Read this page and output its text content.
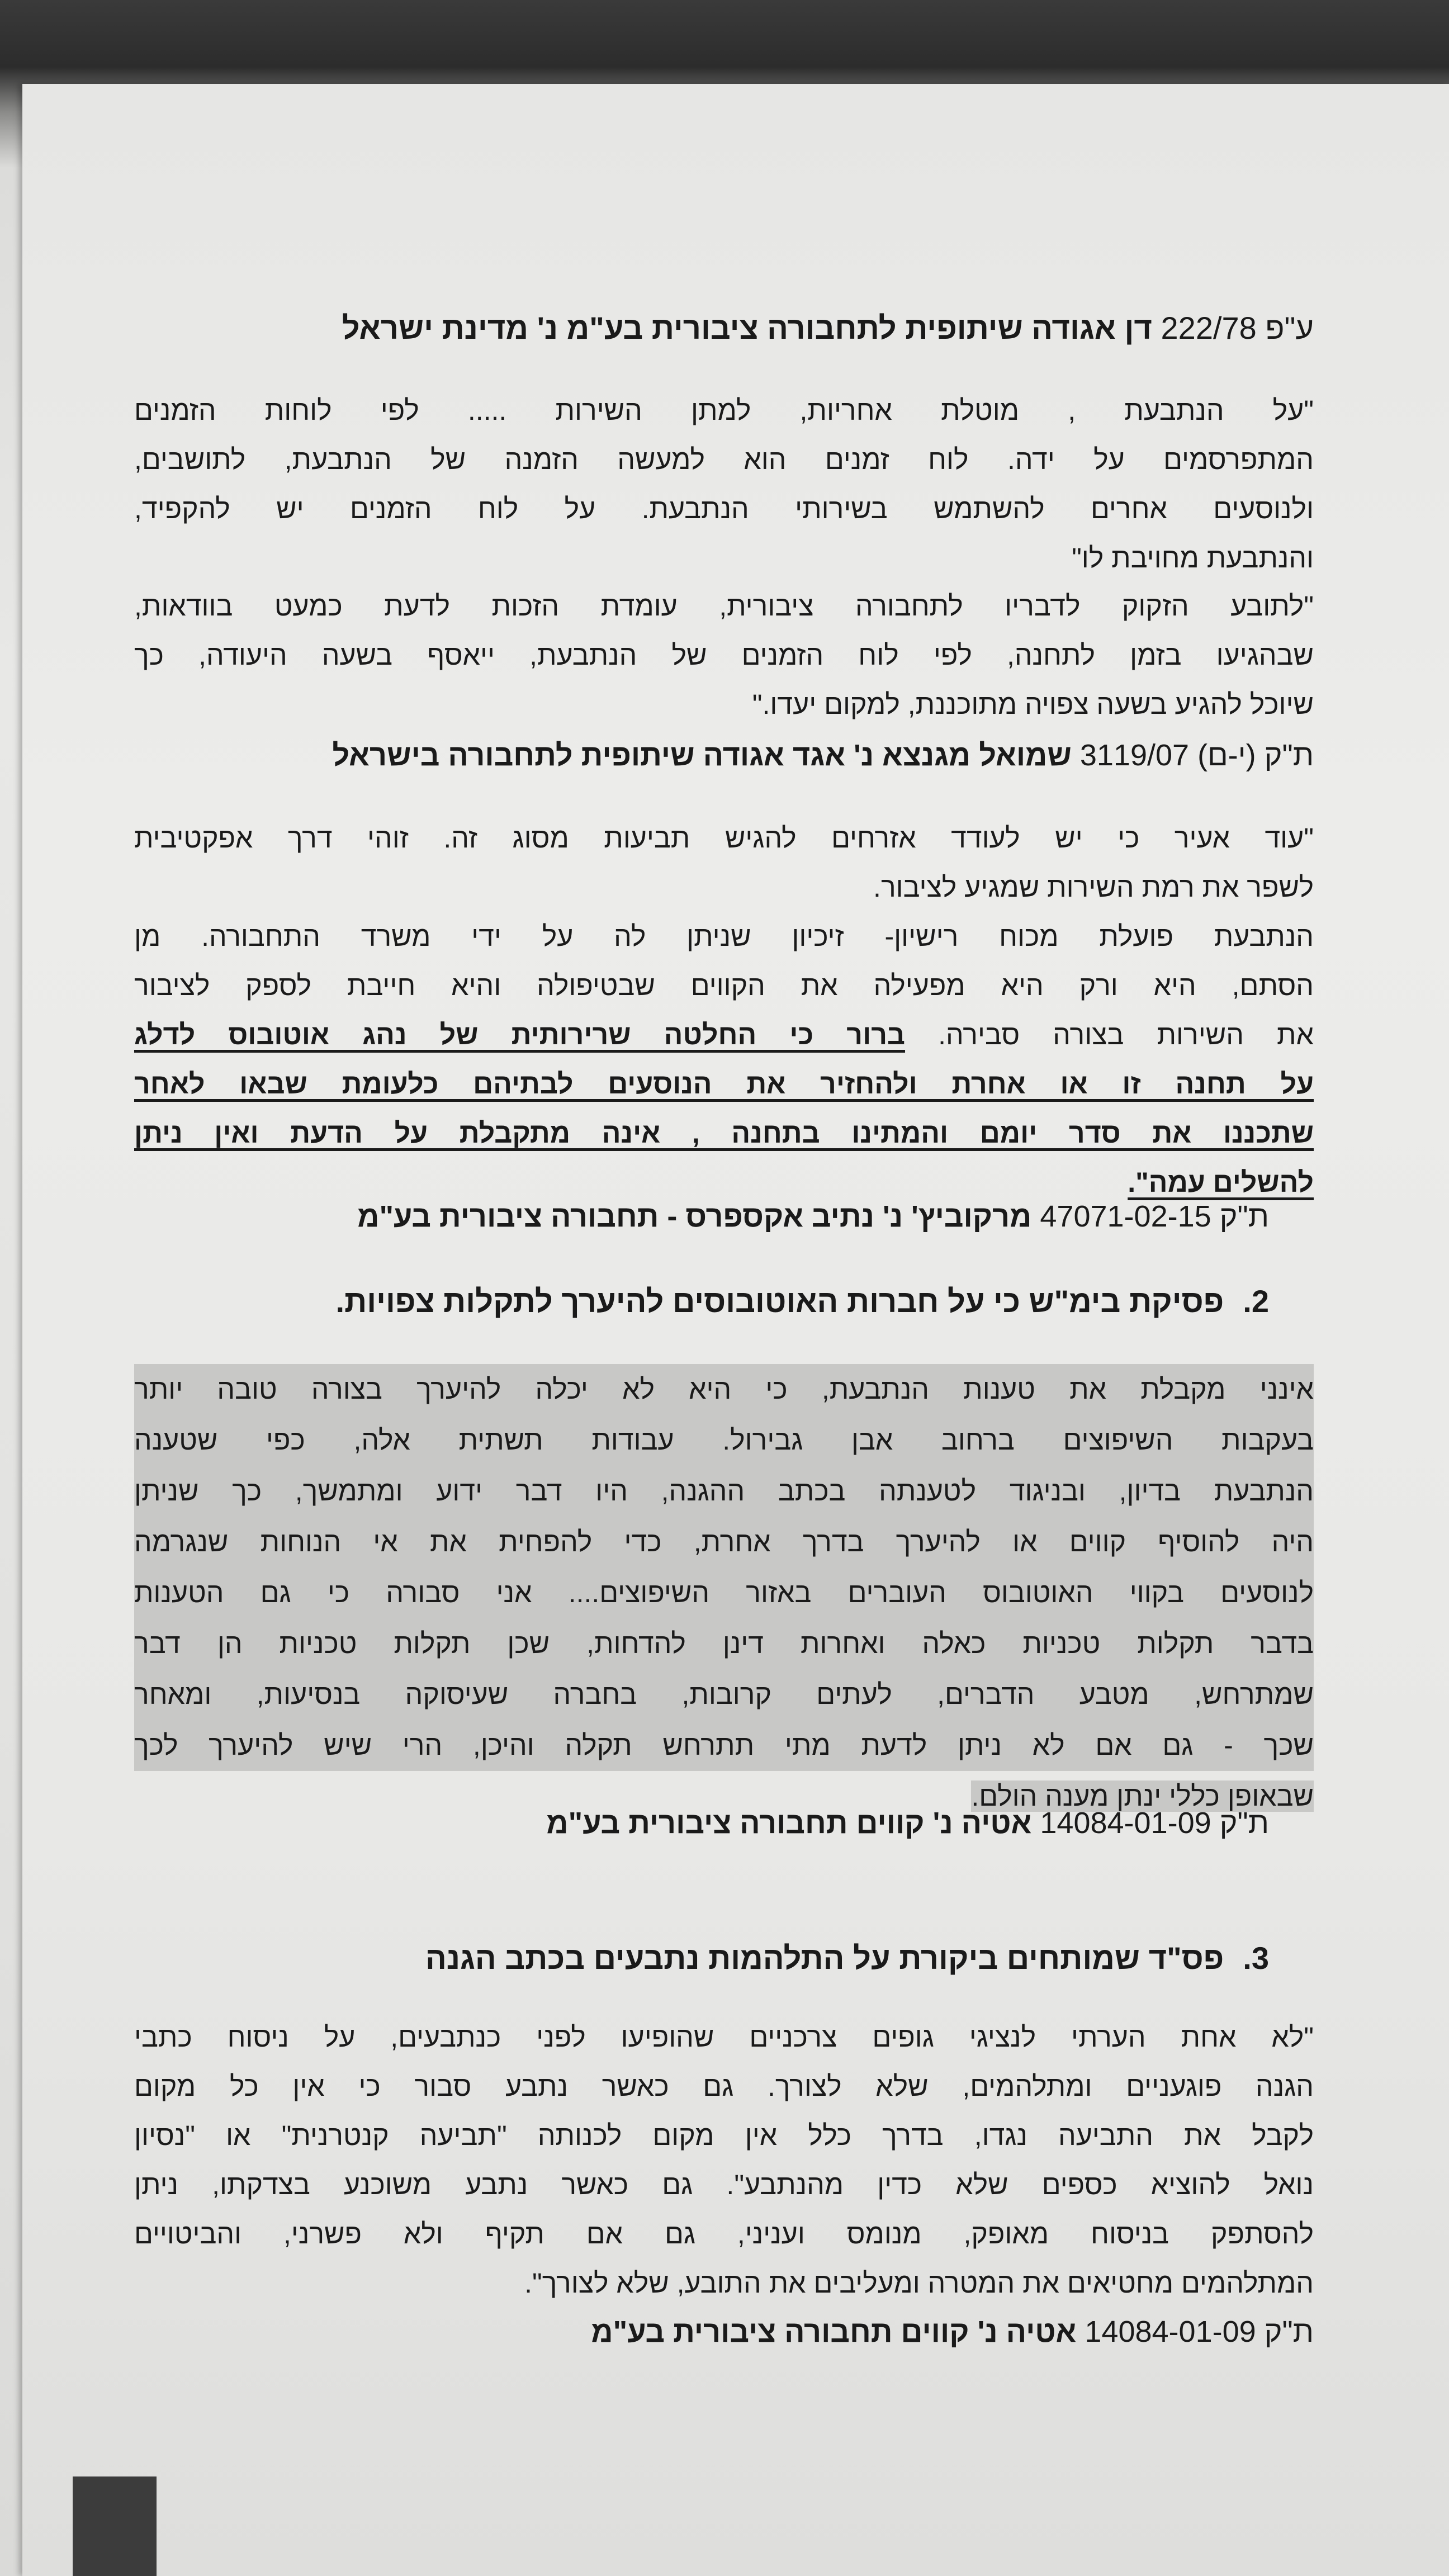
ע"פ 222/78 דן אגודה שיתופית לתחבורה ציבורית בע"מ נ' מדינת ישראל
"על הנתבעת , מוטלת אחריות, למתן השירות ..... לפי לוחות הזמנים
המתפרסמים על ידה. לוח זמנים הוא למעשה הזמנה של הנתבעת, לתושבים,
ולנוסעים אחרים להשתמש בשירותי הנתבעת. על לוח הזמנים יש להקפיד,
והנתבעת מחויבת לו"
"לתובע הזקוק לדבריו לתחבורה ציבורית, עומדת הזכות לדעת כמעט בוודאות,
שבהגיעו בזמן לתחנה, לפי לוח הזמנים של הנתבעת, ייאסף בשעה היעודה, כך
שיוכל להגיע בשעה צפויה מתוכננת, למקום יעדו."
ת"ק (י-ם) 3119/07 שמואל מגנצא נ' אגד אגודה שיתופית לתחבורה בישראל
"עוד אעיר כי יש לעודד אזרחים להגיש תביעות מסוג זה. זוהי דרך אפקטיבית
לשפר את רמת השירות שמגיע לציבור.
הנתבעת פועלת מכוח רישיון- זיכיון שניתן לה על ידי משרד התחבורה. מן
הסתם, היא ורק היא מפעילה את הקווים שבטיפולה והיא חייבת לספק לציבור
את השירות בצורה סבירה. ברור כי החלטה שרירותית של נהג אוטובוס לדלג
על תחנה זו או אחרת ולהחזיר את הנוסעים לבתיהם כלעומת שבאו לאחר
שתכננו את סדר יומם והמתינו בתחנה , אינה מתקבלת על הדעת ואין ניתן
להשלים עמה".
ת"ק 47071-02-15 מרקוביץ' נ' נתיב אקספרס - תחבורה ציבורית בע"מ
2.פסיקת בימ"ש כי על חברות האוטובוסים להיערך לתקלות צפויות.
אינני מקבלת את טענות הנתבעת, כי היא לא יכלה להיערך בצורה טובה יותר
בעקבות השיפוצים ברחוב אבן גבירול. עבודות תשתית אלה, כפי שטענה
הנתבעת בדיון, ובניגוד לטענתה בכתב ההגנה, היו דבר ידוע ומתמשך, כך שניתן
היה להוסיף קווים או להיערך בדרך אחרת, כדי להפחית את אי הנוחות שנגרמה
לנוסעים בקווי האוטובוס העוברים באזור השיפוצים.... אני סבורה כי גם הטענות
בדבר תקלות טכניות כאלה ואחרות דינן להדחות, שכן תקלות טכניות הן דבר
שמתרחש, מטבע הדברים, לעתים קרובות, בחברה שעיסוקה בנסיעות, ומאחר
שכך - גם אם לא ניתן לדעת מתי תתרחש תקלה והיכן, הרי שיש להיערך לכך
שבאופן כללי ינתן מענה הולם.
ת"ק 14084-01-09 אטיה נ' קווים תחבורה ציבורית בע"מ
3.פס"ד שמותחים ביקורת על התלהמות נתבעים בכתב הגנה
"לא אחת הערתי לנציגי גופים צרכניים שהופיעו לפני כנתבעים, על ניסוח כתבי
הגנה פוגעניים ומתלהמים, שלא לצורך. גם כאשר נתבע סבור כי אין כל מקום
לקבל את התביעה נגדו, בדרך כלל אין מקום לכנותה "תביעה קנטרנית" או "נסיון
נואל להוציא כספים שלא כדין מהנתבע". גם כאשר נתבע משוכנע בצדקתו, ניתן
להסתפק בניסוח מאופק, מנומס ועניני, גם אם תקיף ולא פשרני, והביטויים
המתלהמים מחטיאים את המטרה ומעליבים את התובע, שלא לצורך".
ת"ק 14084-01-09 אטיה נ' קווים תחבורה ציבורית בע"מ
